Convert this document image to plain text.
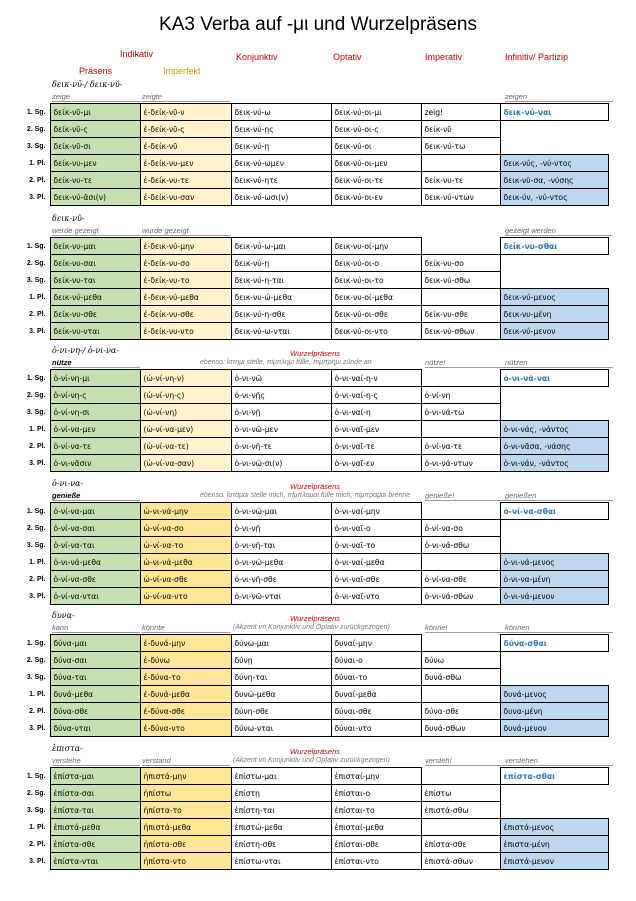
KA3 Verba auf -μι und Wurzelpräsens
Indikativ
Präsens	Imperfekt
Konjunktiv	Optativ	Imperativ	Infinitiv/ Partizip
δεικ-νῡ-/ δεικ-νῠ-
zeige	zeigte	zeigen
1. Sg.	δείκ-νῡ-μι	ἐ-δείκ-νῡ-ν	δεικ-νύ-ω	δεικ-νύ-οι-μι	zeig!	δεικ-νύ-ναι
2. Sg.	δείκ-νῡ-ς	ἐ-δείκ-νῡ-ς	δεικ-νύ-ῃς	δεικ-νύ-οι-ς	δείκ-νῡ	
3. Sg.	δείκ-νῡ-σι	ἐ-δείκ-νῡ	δεικ-νύ-ῃ	δεικ-νύ-οι	δεικ-νύ-τω	
1. Pl.	δείκ-νυ-μεν	ἐ-δείκ-νυ-μεν	δεικ-νύ-ωμεν	δεικ-νύ-οι-μεν		δεικ-νύς, -νύ-ντος
2. Pl.	δείκ-νυ-τε	ἐ-δείκ-νυ-τε	δεικ-νύ-ητε	δεικ-νύ-οι-τε	δείκ-νυ-τε	δεικ-νῦ-σα, -νύσης
3. Pl.	δεικ-νύ-ᾱσι(ν)	ἐ-δείκ-νυ-σαν	δεικ-νύ-ωσι(ν)	δεικ-νύ-οι-εν	δεικ-νύ-ντων	δεικ-ύν, -νύ-ντος
δεικ-νῠ-
werde gezeigt	wurde gezeigt	gezeigt werden
1. Sg.	δείκ-νυ-μαι	ἐ-δεικ-νύ-μην	δεικ-νύ-ω-μαι	δεικ-νυ-οί-μην		δείκ-νυ-σθαι
2. Sg.	δείκ-νυ-σαι	ἐ-δείκ-νυ-σο	δεικ-νύ-ῃ	δεικ-νύ-οι-ο	δείκ-νυ-σο	
3. Sg.	δείκ-νυ-ται	ἐ-δείκ-νυ-το	δεικ-νύ-η-ται	δεικ-νύ-οι-το	δεικ-νύ-σθω	
1. Pl.	δεικ-νύ-μεθα	ἐ-δεικ-νύ-μεθα	δεικ-νυ-ώ-μεθα	δεικ-νυ-οί-μεθα		δεικ-νύ-μενος
2. Pl.	δείκ-νυ-σθε	ἐ-δείκ-νυ-σθε	δεικ-νύ-η-σθε	δεικ-νύ-οι-σθε	δείκ-νυ-σθε	δεικ-νυ-μένη
3. Pl.	δείκ-νυ-νται	ἐ-δείκ-νυ-ντο	δεικ-νύ-ω-νται	δεικ-νύ-οι-ντο	δεικ-νύ-σθων	δεικ-νύ-μενον
ὀ-νι-νη-/ ὀ-νι-να-	Wurzelpräsens
ebenso: ἵστημι stelle, πίμπλημι fülle, πίμπρημι zünde an
nütze	nütze!	nützen
1. Sg.	ὀ-νί-νη-μι	(ὠ-νί-νη-ν)	ὀ-νι-νῶ	ὀ-νι-ναί-η-ν		ὀ-νι-νά-ναι
2. Sg.	ὀ-νί-νη-ς	(ὠ-νί-νη-ς)	ὀ-νι-νῇς	ὀ-νι-ναί-η-ς	ὀ-νί-νη	
3. Sg.	ὀ-νί-νη-σι	(ὠ-νί-νη)	ὀ-νι-νῇ	ὀ-νι-ναί-η	ὀ-νι-νά-τω	
1. Pl.	ὀ-νί-να-μεν	(ὠ-νί-να-μεν)	ὀ-νι-νῶ-μεν	ὀ-νι-ναῖ-μεν		ὀ-νι-νάς, -νάντος
2. Pl.	ὀ-νί-να-τε	(ὠ-νί-να-τε)	ὀ-νι-νῆ-τε	ὀ-νι-ναῖ-τε	ὀ-νί-να-τε	ὀ-νι-νᾶσα, -νάσης
3. Pl.	ὀ-νι-νᾶσιν	(ὠ-νί-να-σαν)	ὀ-νι-νῶ-σι(ν)	ὀ-νι-ναῖ-εν	ὀ-νι-νά-ντων	ὀ-νι-νάν, -νάντος
ὀ-νι-να-	Wurzelpräsens
ebenso: ἵσταμαι stelle mich, πίμπλαμαι fülle mich, πίμπραμαι brenne
genieße	genieße!	genießen
1. Sg.	ὀ-νί-να-μαι	ὠ-νι-νά-μην	ὀ-νι-νῶ-μαι	ὀ-νι-ναί-μην		ὀ-νί-να-σθαι
2. Sg.	ὀ-νί-να-σαι	ὠ-νί-να-σο	ὀ-νι-νῇ	ὀ-νι-ναῖ-ο	ὀ-νί-να-σο	
3. Sg.	ὀ-νί-να-ται	ὠ-νί-να-το	ὀ-νι-νῆ-ται	ὀ-νι-ναῖ-το	ὀ-νι-νά-σθω	
1. Pl.	ὀ-νι-νά-μεθα	ὠ-νι-νά-μεθα	ὀ-νι-νώ-μεθα	ὀ-νι-ναί-μεθα		ὀ-νι-νά-μενος
2. Pl.	ὀ-νί-να-σθε	ὠ-νί-να-σθε	ὀ-νι-νῆ-σθε	ὀ-νι-ναῖ-σθε	ὀ-νί-να-σθε	ὀ-νι-να-μένη
3. Pl.	ὀ-νί-να-νται	ὠ-νί-να-ντο	ὀ-νι-νῶ-νται	ὀ-νι-ναῖ-ντο	ὀ-νι-νά-σθων	ὀ-νι-νά-μενον
δυνα-	Wurzelpräsens
(Akzent im Konjunktiv und Optativ zurückgezogen)
kann	konnte	könne!	können
1. Sg.	δύνα-μαι	ἐ-δυνά-μην	δύνω-μαι	δυναί-μην		δύνα-σθαι
2. Sg.	δύνα-σαι	ἐ-δύνω	δύνῃ	δύναι-ο	δύνω	
3. Sg.	δύνα-ται	ἐ-δύνα-το	δύνη-ται	δύναι-το	δυνά-σθω	
1. Pl.	δυνά-μεθα	ἐ-δυνά-μεθα	δυνώ-μεθα	δυναί-μεθα		δυνά-μενος
2. Pl.	δύνα-σθε	ἐ-δύνα-σθε	δύνη-σθε	δύναι-σθε	δύνα-σθε	δυνα-μένη
3. Pl.	δύνα-νται	ἐ-δύνα-ντο	δύνω-νται	δύναι-ντο	δυνά-σθων	δυνά-μενον
ἐπιστα-	Wurzelpräsens
(Akzent im Konjunktiv und Optativ zurückgezogen)
verstehe	verstand	versteh!	verstehen
1. Sg.	ἐπίστα-μαι	ἠπιστά-μην	ἐπίστω-μαι	ἐπισταί-μην		ἐπίστα-σθαι
2. Sg.	ἐπίστα-σαι	ἠπίστω	ἐπίστῃ	ἐπίσται-ο	ἐπίστω	
3. Sg.	ἐπίστα-ται	ἠπίστα-το	ἐπίστη-ται	ἐπίσται-το	ἐπιστά-σθω	
1. Pl.	ἐπιστά-μεθα	ἠπιστά-μεθα	ἐπιστώ-μεθα	ἐπισταί-μεθα		ἐπιστά-μενος
2. Pl.	ἐπίστα-σθε	ἠπίστα-σθε	ἐπίστη-σθε	ἐπίσται-σθε	ἐπίστα-σθε	ἐπιστα-μένη
3. Pl.	ἐπίστα-νται	ἠπίστα-ντο	ἐπίστω-νται	ἐπίσται-ντο	ἐπιστά-σθων	ἐπιστά-μενον
